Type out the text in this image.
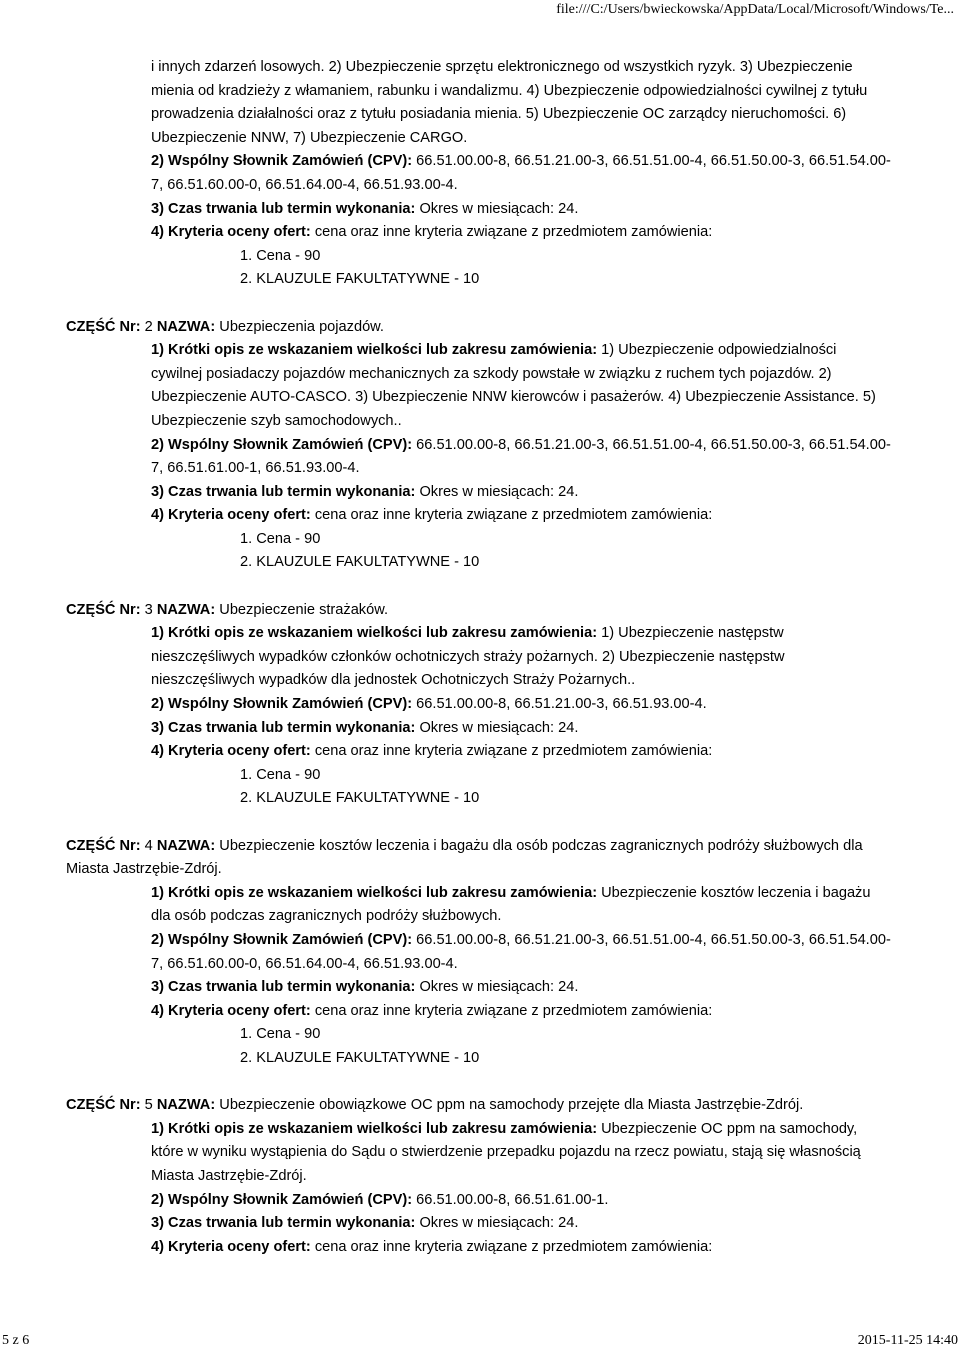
file:///C:/Users/bwieckowska/AppData/Local/Microsoft/Windows/Te...
i innych zdarzeń losowych. 2) Ubezpieczenie sprzętu elektronicznego od wszystkich ryzyk. 3) Ubezpieczenie mienia od kradzieży z włamaniem, rabunku i wandalizmu. 4) Ubezpieczenie odpowiedzialności cywilnej z tytułu prowadzenia działalności oraz z tytułu posiadania mienia. 5) Ubezpieczenie OC zarządcy nieruchomości. 6) Ubezpieczenie NNW, 7) Ubezpieczenie CARGO.
2) Wspólny Słownik Zamówień (CPV): 66.51.00.00-8, 66.51.21.00-3, 66.51.51.00-4, 66.51.50.00-3, 66.51.54.00-7, 66.51.60.00-0, 66.51.64.00-4, 66.51.93.00-4.
3) Czas trwania lub termin wykonania: Okres w miesiącach: 24.
4) Kryteria oceny ofert: cena oraz inne kryteria związane z przedmiotem zamówienia:
1. Cena - 90
2. KLAUZULE FAKULTATYWNE - 10
CZĘŚĆ Nr: 2 NAZWA: Ubezpieczenia pojazdów.
1) Krótki opis ze wskazaniem wielkości lub zakresu zamówienia: 1) Ubezpieczenie odpowiedzialności cywilnej posiadaczy pojazdów mechanicznych za szkody powstałe w związku z ruchem tych pojazdów. 2) Ubezpieczenie AUTO-CASCO. 3) Ubezpieczenie NNW kierowców i pasażerów. 4) Ubezpieczenie Assistance. 5) Ubezpieczenie szyb samochodowych..
2) Wspólny Słownik Zamówień (CPV): 66.51.00.00-8, 66.51.21.00-3, 66.51.51.00-4, 66.51.50.00-3, 66.51.54.00-7, 66.51.61.00-1, 66.51.93.00-4.
3) Czas trwania lub termin wykonania: Okres w miesiącach: 24.
4) Kryteria oceny ofert: cena oraz inne kryteria związane z przedmiotem zamówienia:
1. Cena - 90
2. KLAUZULE FAKULTATYWNE - 10
CZĘŚĆ Nr: 3 NAZWA: Ubezpieczenie strażaków.
1) Krótki opis ze wskazaniem wielkości lub zakresu zamówienia: 1) Ubezpieczenie następstw nieszczęśliwych wypadków członków ochotniczych straży pożarnych. 2) Ubezpieczenie następstw nieszczęśliwych wypadków dla jednostek Ochotniczych Straży Pożarnych..
2) Wspólny Słownik Zamówień (CPV): 66.51.00.00-8, 66.51.21.00-3, 66.51.93.00-4.
3) Czas trwania lub termin wykonania: Okres w miesiącach: 24.
4) Kryteria oceny ofert: cena oraz inne kryteria związane z przedmiotem zamówienia:
1. Cena - 90
2. KLAUZULE FAKULTATYWNE - 10
CZĘŚĆ Nr: 4 NAZWA: Ubezpieczenie kosztów leczenia i bagażu dla osób podczas zagranicznych podróży służbowych dla Miasta Jastrzębie-Zdrój.
1) Krótki opis ze wskazaniem wielkości lub zakresu zamówienia: Ubezpieczenie kosztów leczenia i bagażu dla osób podczas zagranicznych podróży służbowych.
2) Wspólny Słownik Zamówień (CPV): 66.51.00.00-8, 66.51.21.00-3, 66.51.51.00-4, 66.51.50.00-3, 66.51.54.00-7, 66.51.60.00-0, 66.51.64.00-4, 66.51.93.00-4.
3) Czas trwania lub termin wykonania: Okres w miesiącach: 24.
4) Kryteria oceny ofert: cena oraz inne kryteria związane z przedmiotem zamówienia:
1. Cena - 90
2. KLAUZULE FAKULTATYWNE - 10
CZĘŚĆ Nr: 5 NAZWA: Ubezpieczenie obowiązkowe OC ppm na samochody przejęte dla Miasta Jastrzębie-Zdrój.
1) Krótki opis ze wskazaniem wielkości lub zakresu zamówienia: Ubezpieczenie OC ppm na samochody, które w wyniku wystąpienia do Sądu o stwierdzenie przepadku pojazdu na rzecz powiatu, stają się własnością Miasta Jastrzębie-Zdrój.
2) Wspólny Słownik Zamówień (CPV): 66.51.00.00-8, 66.51.61.00-1.
3) Czas trwania lub termin wykonania: Okres w miesiącach: 24.
4) Kryteria oceny ofert: cena oraz inne kryteria związane z przedmiotem zamówienia:
5 z 6	2015-11-25 14:40
